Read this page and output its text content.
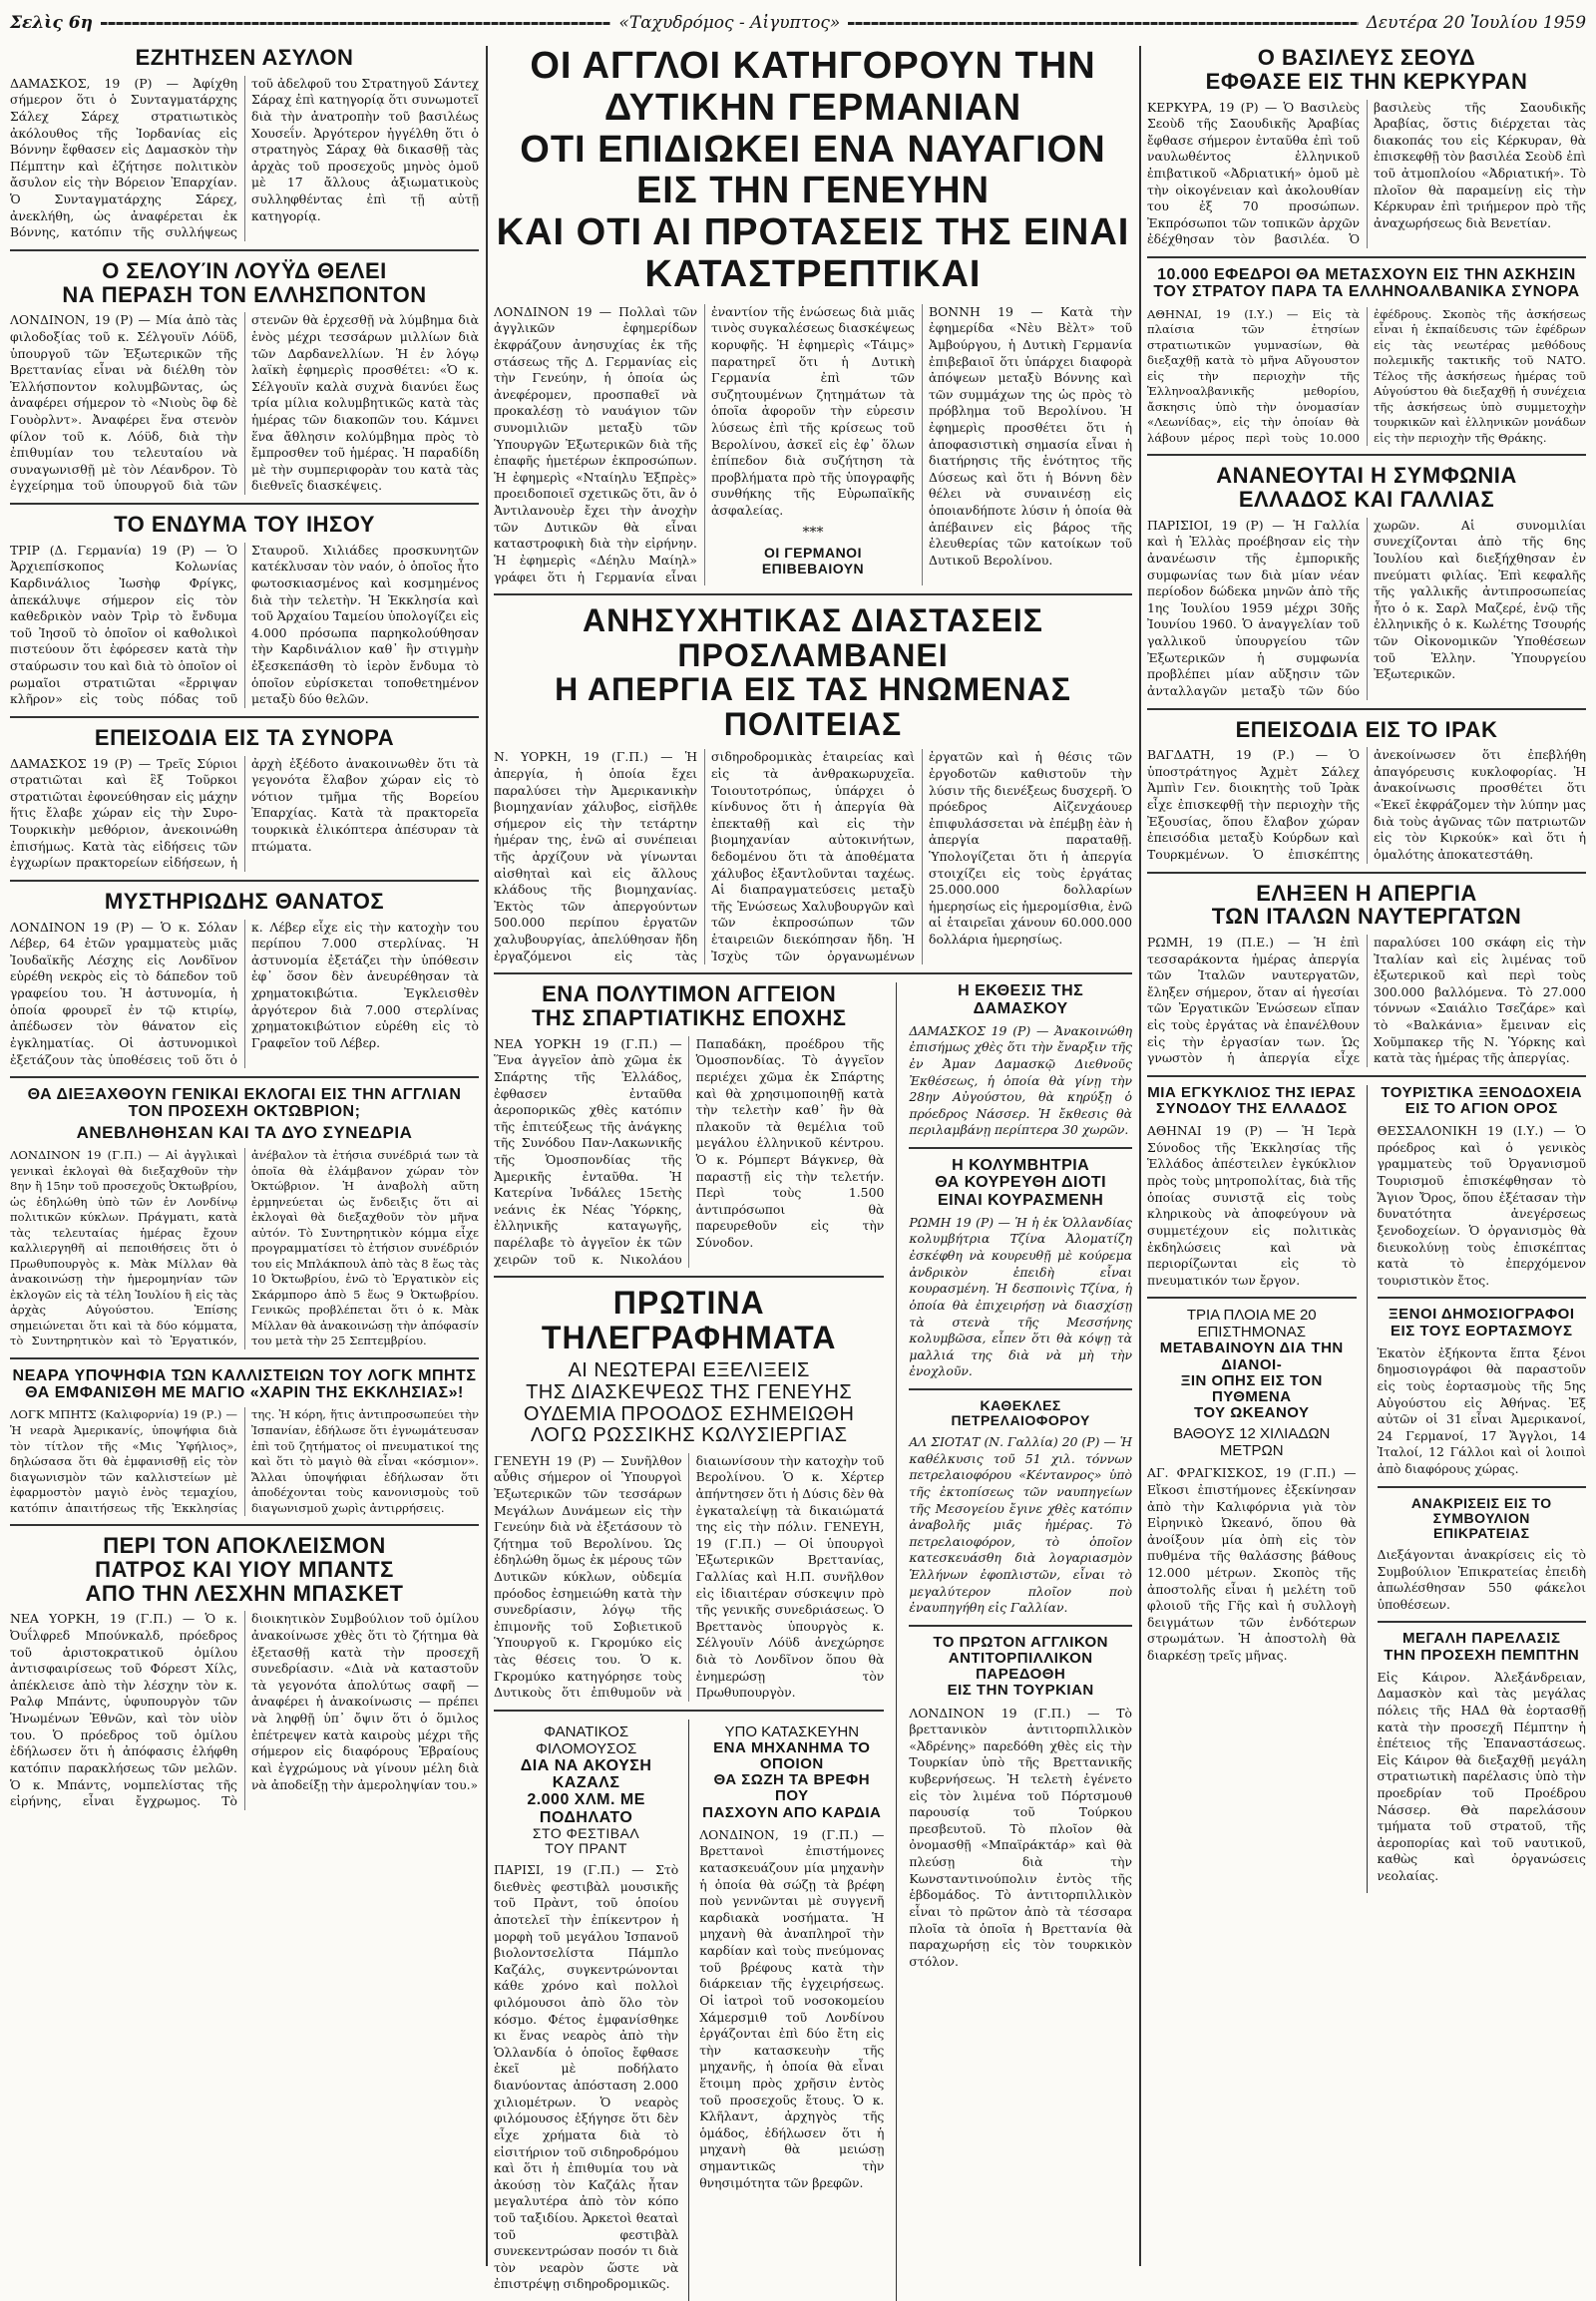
Σελὶς 6η	«Ταχυδρόμος - Αἰγυπτος»	Δευτέρα 20 Ἰουλίου 1959
ΕΖΗΤΗΣΕΝ ΑΣΥΛΟΝ
ΔΑΜΑΣΚΟΣ, 19 (Ρ) — Ἀφίχθη σήμερον ὅτι ὁ Συνταγματάρχης Σάλεχ Σάρεχ στρατιωτικὸς ἀκόλουθος τῆς Ἰορδανίας εἰς Βόννην ἔφθασεν εἰς Δαμασκὸν τὴν Πέμπτην καὶ ἐζήτησε πολιτικὸν ἄσυλον εἰς τὴν Βόρειον Ἐπαρχίαν. Ὁ Συνταγματάρχης Σάρεχ, ἀνεκλήθη, ὡς ἀναφέρεται ἐκ Βόννης, κατόπιν τῆς συλλήψεως τοῦ ἀδελφοῦ του Στρατηγοῦ Σάντεχ Σάραχ ἐπὶ κατηγορίᾳ ὅτι συνωμοτεῖ διὰ τὴν ἀνατροπὴν τοῦ βασιλέως Χουσεΐν. Ἀργότερον ἠγγέλθη ὅτι ὁ στρατηγὸς Σάραχ θὰ δικασθῇ τὰς ἀρχὰς τοῦ προσεχοῦς μηνὸς ὁμοῦ μὲ 17 ἄλλους ἀξιωματικοὺς συλληφθέντας ἐπὶ τῇ αὐτῇ κατηγορίᾳ.
Ο ΣΕΛΟΥΊΝ ΛΟΥΫΔ ΘΕΛΕΙ
ΝΑ ΠΕΡΑΣΗ ΤΟΝ ΕΛΛΗΣΠΟΝΤΟΝ
ΛΟΝΔΙΝΟΝ, 19 (Ρ) — Μία ἀπὸ τὰς φιλοδοξίας τοῦ κ. Σέλγουϊν Λόϋδ, ὑπουργοῦ τῶν Ἐξωτερικῶν τῆς Βρεττανίας εἶναι νὰ διέλθη τὸν Ἑλλήσποντον κολυμβῶντας, ὡς ἀναφέρει σήμερον τὸ «Νιοὺς ὂφ δὲ Γουὸρλντ». Ἀναφέρει ἕνα στενὸν φίλον τοῦ κ. Λόϋδ, διὰ τὴν ἐπιθυμίαν του τελευταίου νὰ συναγωνισθῇ μὲ τὸν Λέανδρον. Τὸ ἐγχείρημα τοῦ ὑπουργοῦ διὰ τῶν στενῶν θὰ ἐρχεσθῇ νὰ λύμβημα διὰ ἑνὸς μέχρι τεσσάρων μιλλίων διὰ τῶν Δαρδανελλίων. Ἡ ἐν λόγῳ λαϊκὴ ἐφημερὶς προσθέτει: «Ὁ κ. Σέλγουϊν καλὰ συχνὰ διανύει ἕως τρία μίλια κολυμβητικῶς κατὰ τὰς ἡμέρας τῶν διακοπῶν του. Κάμνει ἕνα ἄθλησιν κολύμβημα πρὸς τὸ ἔμπροσθεν τοῦ ἡμέρας. Ἡ παραδίδη μὲ τὴν συμπεριφορὰν του κατὰ τὰς διεθνεῖς διασκέψεις.
ΤΟ ΕΝΔΥΜΑ ΤΟΥ ΙΗΣΟΥ
ΤΡΙΡ (Δ. Γερμανία) 19 (Ρ) — Ὁ Ἀρχιεπίσκοπος Κολωνίας Καρδινάλιος Ἰωσὴφ Φρίγκς, ἀπεκάλυψε σήμερον εἰς τὸν καθεδρικὸν ναὸν Τρὶρ τὸ ἔνδυμα τοῦ Ἰησοῦ τὸ ὁποῖον οἱ καθολικοὶ πιστεύουν ὅτι ἐφόρεσεν κατὰ τὴν σταύρωσιν του καὶ διὰ τὸ ὁποῖον οἱ ρωμαῖοι στρατιῶται «ἔρριψαν κλῆρον» εἰς τοὺς πόδας τοῦ Σταυροῦ. Χιλιάδες προσκυνητῶν κατέκλυσαν τὸν ναόν, ὁ ὁποῖος ἦτο φωτοσκιασμένος καὶ κοσμημένος διὰ τὴν τελετὴν. Ἡ Ἐκκλησία καὶ τοῦ Ἀρχαίου Ταμείου ὑπολογίζει εἰς 4.000 πρόσωπα παρηκολούθησαν τὴν Καρδινάλιον καθ᾽ ἣν στιγμὴν ἐξεσκεπάσθη τὸ ἱερὸν ἔνδυμα τὸ ὁποῖον εὑρίσκεται τοποθετημένον μεταξὺ δύο θελῶν.
ΕΠΕΙΣΟΔΙΑ ΕΙΣ ΤΑ ΣΥΝΟΡΑ
ΔΑΜΑΣΚΟΣ 19 (Ρ) — Τρεῖς Σύριοι στρατιῶται καὶ ἓξ Τοῦρκοι στρατιῶται ἐφονεύθησαν εἰς μάχην ἥτις ἔλαβε χώραν εἰς τὴν Συρο-Τουρκικὴν μεθόριον, ἀνεκοινώθη ἐπισήμως. Κατὰ τὰς εἰδήσεις τῶν ἐγχωρίων πρακτορείων εἰδήσεων, ἡ ἀρχὴ ἐξέδοτο ἀνακοινωθὲν ὅτι τὰ γεγονότα ἔλαβον χώραν εἰς τὸ νότιον τμῆμα τῆς Βορείου Ἐπαρχίας. Κατὰ τὰ πρακτορεῖα τουρκικὰ ἐλικόπτερα ἀπέσυραν τὰ πτώματα.
ΜΥΣΤΗΡΙΩΔΗΣ ΘΑΝΑΤΟΣ
ΛΟΝΔΙΝΟΝ 19 (Ρ) — Ὁ κ. Σόλαν Λέβερ, 64 ἐτῶν γραμματεὺς μιᾶς Ἰουδαϊκῆς Λέσχης εἰς Λονδῖνον εὑρέθη νεκρὸς εἰς τὸ δάπεδον τοῦ γραφείου του. Ἡ ἀστυνομία, ἡ ὁποία φρουρεῖ ἐν τῷ κτιρίῳ, ἀπέδωσεν τὸν θάνατον εἰς ἐγκληματίας. Οἱ ἀστυνομικοὶ ἐξετάζουν τὰς ὑποθέσεις τοῦ ὅτι ὁ κ. Λέβερ εἶχε εἰς τὴν κατοχὴν του περίπου 7.000 στερλίνας. Ἡ ἀστυνομία ἐξετάζει τὴν ὑπόθεσιν ἐφ᾽ ὅσον δὲν ἀνευρέθησαν τὰ χρηματοκιβώτια. Ἐγκλεισθὲν ἀργότερον διὰ 7.000 στερλίνας χρηματοκιβώτιον εὑρέθη εἰς τὸ Γραφεῖον τοῦ Λέβερ.
ΘΑ ΔΙΕΞΑΧΘΟΥΝ ΓΕΝΙΚΑΙ ΕΚΛΟΓΑΙ ΕΙΣ ΤΗΝ ΑΓΓΛΙΑΝ
ΤΟΝ ΠΡΟΣΕΧΗ ΟΚΤΩΒΡΙΟΝ;
ΑΝΕΒΛΗΘΗΣΑΝ ΚΑΙ ΤΑ ΔΥΟ ΣΥΝΕΔΡΙΑ
ΛΟΝΔΙΝΟΝ 19 (Γ.Π.) — Αἱ ἀγγλικαὶ γενικαὶ ἐκλογαὶ θὰ διεξαχθοῦν τὴν 8ην ἢ 15ην τοῦ προσεχοῦς Ὀκτωβρίου, ὡς ἐδηλώθη ὑπὸ τῶν ἐν Λονδίνῳ πολιτικῶν κύκλων. Πράγματι, κατὰ τὰς τελευταίας ἡμέρας ἔχουν καλλιεργηθῆ αἱ πεποιθήσεις ὅτι ὁ Πρωθυπουργὸς κ. Μὰκ Μίλλαν θὰ ἀνακοινώσῃ τὴν ἡμερομηνίαν τῶν ἐκλογῶν εἰς τὰ τέλη Ἰουλίου ἢ εἰς τὰς ἀρχὰς Αὐγούστου. Ἐπίσης σημειώνεται ὅτι καὶ τὰ δύο κόμματα, τὸ Συντηρητικὸν καὶ τὸ Ἐργατικόν, ἀνέβαλον τὰ ἐτήσια συνέδριά των τὰ ὁποῖα θὰ ἐλάμβανον χώραν τὸν Ὀκτώβριον. Ἡ ἀναβολὴ αὕτη ἐρμηνεύεται ὡς ἔνδειξις ὅτι αἱ ἐκλογαὶ θὰ διεξαχθοῦν τὸν μῆνα αὐτόν. Τὸ Συντηρητικὸν κόμμα εἶχε προγραμματίσει τὸ ἐτήσιον συνέδριόν του εἰς Μπλάκπουλ ἀπὸ τὰς 8 ἕως τὰς 10 Ὀκτωβρίου, ἐνῶ τὸ Ἐργατικὸν εἰς Σκάρμπορο ἀπὸ 5 ἕως 9 Ὀκτωβρίου. Γενικῶς προβλέπεται ὅτι ὁ κ. Μὰκ Μίλλαν θὰ ἀνακοινώσῃ τὴν ἀπόφασίν του μετὰ τὴν 25 Σεπτεμβρίου.
ΝΕΑΡΑ ΥΠΟΨΗΦΙΑ ΤΩΝ ΚΑΛΛΙΣΤΕΙΩΝ ΤΟΥ ΛΟΓΚ ΜΠΗΤΣ
ΘΑ ΕΜΦΑΝΙΣΘΗ ΜΕ ΜΑΓΙΟ «ΧΑΡΙΝ ΤΗΣ ΕΚΚΛΗΣΙΑΣ»!
ΛΟΓΚ ΜΠΗΤΣ (Καλιφορνία) 19 (Ρ.) — Ἡ νεαρὰ Ἀμερικανίς, ὑποψήφια διὰ τὸν τίτλον τῆς «Μις Ὑφήλιος», δηλώσασα ὅτι θὰ ἐμφανισθῇ εἰς τὸν διαγωνισμὸν τῶν καλλιστείων μὲ ἐφαρμοστὸν μαγιὸ ἑνὸς τεμαχίου, κατόπιν ἀπαιτήσεως τῆς Ἐκκλησίας της. Ἡ κόρη, ἥτις ἀντιπροσωπεύει τὴν Ἰσπανίαν, ἐδήλωσε ὅτι ἐγνωμάτευσαν ἐπὶ τοῦ ζητήματος οἱ πνευματικοί της καὶ ὅτι τὸ μαγιὸ θὰ εἶναι «κόσμιον». Ἄλλαι ὑποψήφιαι ἐδήλωσαν ὅτι ἀποδέχονται τοὺς κανονισμοὺς τοῦ διαγωνισμοῦ χωρὶς ἀντιρρήσεις.
ΠΕΡΙ ΤΟΝ ΑΠΟΚΛΕΙΣΜΟΝ
ΠΑΤΡΟΣ ΚΑΙ ΥΙΟΥ ΜΠΑΝΤΣ
ΑΠΟ ΤΗΝ ΛΕΣΧΗΝ ΜΠΑΣΚΕΤ
ΝΕΑ ΥΟΡΚΗ, 19 (Γ.Π.) — Ὁ κ. Ὀυΐλφρεδ Μπούνκαλδ, πρόεδρος τοῦ ἀριστοκρατικοῦ ὁμίλου ἀντισφαιρίσεως τοῦ Φόρεστ Χίλς, ἀπέκλεισε ἀπὸ τὴν λέσχην τὸν κ. Ραλφ Μπάντς, ὑφυπουργὸν τῶν Ἡνωμένων Ἐθνῶν, καὶ τὸν υἱὸν του. Ὁ πρόεδρος τοῦ ὁμίλου ἐδήλωσεν ὅτι ἡ ἀπόφασις ἐλήφθη κατόπιν παρακλήσεως τῶν μελῶν. Ὁ κ. Μπάντς, νομπελίστας τῆς εἰρήνης, εἶναι ἔγχρωμος. Τὸ διοικητικὸν Συμβούλιον τοῦ ὁμίλου ἀνακοίνωσε χθὲς ὅτι τὸ ζήτημα θὰ ἐξετασθῇ κατὰ τὴν προσεχῆ συνεδρίασιν. «Διὰ νὰ καταστοῦν τὰ γεγονότα ἀπολύτως σαφῆ — ἀναφέρει ἡ ἀνακοίνωσις — πρέπει νὰ ληφθῇ ὑπ᾽ ὄψιν ὅτι ὁ ὅμιλος ἐπέτρεψεν κατὰ καιροὺς μέχρι τῆς σήμερον εἰς διαφόρους Ἑβραίους καὶ ἐγχρώμους νὰ γίνουν μέλη διὰ νὰ ἀποδείξῃ τὴν ἀμεροληψίαν του.»
ΟΙ ΑΓΓΛΟΙ ΚΑΤΗΓΟΡΟΥΝ ΤΗΝ ΔΥΤΙΚΗΝ ΓΕΡΜΑΝΙΑΝ
ΟΤΙ ΕΠΙΔΙΩΚΕΙ ΕΝΑ ΝΑΥΑΓΙΟΝ ΕΙΣ ΤΗΝ ΓΕΝΕΥΗΝ
ΚΑΙ ΟΤΙ ΑΙ ΠΡΟΤΑΣΕΙΣ ΤΗΣ ΕΙΝΑΙ ΚΑΤΑΣΤΡΕΠΤΙΚΑΙ
ΛΟΝΔΙΝΟΝ 19 — Πολλαὶ τῶν ἀγγλικῶν ἐφημερίδων ἐκφράζουν ἀνησυχίας ἐκ τῆς στάσεως τῆς Δ. Γερμανίας εἰς τὴν Γενεύην, ἡ ὁποία ὡς ἀνεφέρομεν, προσπαθεῖ νὰ προκαλέσῃ τὸ ναυάγιον τῶν συνομιλιῶν μεταξὺ τῶν Ὑπουργῶν Ἐξωτερικῶν διὰ τῆς ἐπαφῆς ἡμετέρων ἐκπροσώπων. Ἡ ἐφημερὶς «Νταίηλυ Ἐξπρὲς» προειδοποιεῖ σχετικῶς ὅτι, ἂν ὁ Ἀντιλανουὲρ ἔχει τὴν ἀνοχὴν τῶν Δυτικῶν θὰ εἶναι καταστροφικὴ διὰ τὴν εἰρήνην. Ἡ ἐφημερὶς «Δέηλυ Μαίηλ» γράφει ὅτι ἡ Γερμανία εἶναι ἐναντίον τῆς ἑνώσεως διὰ μιᾶς τινὸς συγκαλέσεως διασκέψεως κορυφῆς. Ἡ ἐφημερὶς «Τάιμς» παρατηρεῖ ὅτι ἡ Δυτικὴ Γερμανία ἐπὶ τῶν συζητουμένων ζητημάτων τὰ ὁποῖα ἀφοροῦν τὴν εὑρεσιν λύσεως ἐπὶ τῆς κρίσεως τοῦ Βερολίνου, ἀσκεῖ εἰς ἐφ᾽ ὅλων ἐπίπεδον διὰ συζήτηση τὰ προβλήματα πρὸ τῆς ὑπογραφῆς συνθήκης τῆς Εὐρωπαϊκῆς ἀσφαλείας.
***
ΟΙ ΓΕΡΜΑΝΟΙ ΕΠΙΒΕΒΑΙΟΥΝ
ΒΟΝΝΗ 19 — Κατὰ τὴν ἐφημερίδα «Νὲυ Βὲλτ» τοῦ Ἀμβούργου, ἡ Δυτικὴ Γερμανία ἐπιβεβαιοῖ ὅτι ὑπάρχει διαφορὰ ἀπόψεων μεταξὺ Βόννης καὶ τῶν συμμάχων της ὡς πρὸς τὸ πρόβλημα τοῦ Βερολίνου. Ἡ ἐφημερὶς προσθέτει ὅτι ἡ ἀποφασιστικὴ σημασία εἶναι ἡ διατήρησις τῆς ἑνότητος τῆς Δύσεως καὶ ὅτι ἡ Βόννη δὲν θέλει νὰ συναινέσῃ εἰς ὁποιανδήποτε λύσιν ἡ ὁποία θὰ ἀπέβαινεν εἰς βάρος τῆς ἐλευθερίας τῶν κατοίκων τοῦ Δυτικοῦ Βερολίνου.
ΑΝΗΣΥΧΗΤΙΚΑΣ ΔΙΑΣΤΑΣΕΙΣ ΠΡΟΣΛΑΜΒΑΝΕΙ
Η ΑΠΕΡΓΙΑ ΕΙΣ ΤΑΣ ΗΝΩΜΕΝΑΣ ΠΟΛΙΤΕΙΑΣ
Ν. ΥΟΡΚΗ, 19 (Γ.Π.) — Ἡ ἀπεργία, ἡ ὁποία ἔχει παραλύσει τὴν Ἀμερικανικὴν βιομηχανίαν χάλυβος, εἰσῆλθε σήμερον εἰς τὴν τετάρτην ἡμέραν της, ἐνῶ αἱ συνέπειαι τῆς ἀρχίζουν νὰ γίνωνται αἰσθηταὶ καὶ εἰς ἄλλους κλάδους τῆς βιομηχανίας. Ἐκτὸς τῶν ἀπεργούντων 500.000 περίπου ἐργατῶν χαλυβουργίας, ἀπελύθησαν ἤδη ἐργαζόμενοι εἰς τὰς σιδηροδρομικὰς ἑταιρείας καὶ εἰς τὰ ἀνθρακωρυχεῖα. Τοιουτοτρόπως, ὑπάρχει ὁ κίνδυνος ὅτι ἡ ἀπεργία θὰ ἐπεκταθῇ καὶ εἰς τὴν βιομηχανίαν αὐτοκινήτων, δεδομένου ὅτι τὰ ἀποθέματα χάλυβος ἐξαντλοῦνται ταχέως. Αἱ διαπραγματεύσεις μεταξὺ τῆς Ἑνώσεως Χαλυβουργῶν καὶ τῶν ἐκπροσώπων τῶν ἑταιρειῶν διεκόπησαν ἤδη. Ἡ Ἰσχὺς τῶν ὀργανωμένων ἐργατῶν καὶ ἡ θέσις τῶν ἐργοδοτῶν καθιστοῦν τὴν λύσιν τῆς διενέξεως δυσχερῆ. Ὁ πρόεδρος Αἰζενχάουερ ἐπιφυλάσσεται νὰ ἐπέμβῃ ἐὰν ἡ ἀπεργία παραταθῇ. Ὑπολογίζεται ὅτι ἡ ἀπεργία στοιχίζει εἰς τοὺς ἐργάτας 25.000.000 δολλαρίων ἡμερησίως εἰς ἡμερομίσθια, ἐνῶ αἱ ἑταιρεῖαι χάνουν 60.000.000 δολλάρια ἡμερησίως.
ΕΝΑ ΠΟΛΥΤΙΜΟΝ ΑΓΓΕΙΟΝ
ΤΗΣ ΣΠΑΡΤΙΑΤΙΚΗΣ ΕΠΟΧΗΣ
ΝΕΑ ΥΟΡΚΗ 19 (Γ.Π.) — Ἕνα ἀγγεῖον ἀπὸ χῶμα ἐκ Σπάρτης τῆς Ἑλλάδος, ἐφθασεν ἐνταῦθα ἀεροπορικῶς χθὲς κατόπιν τῆς ἐπιτεύξεως τῆς ἀνάγκης τῆς Συνόδου Παν-Λακωνικῆς τῆς Ὁμοσπονδίας τῆς Ἀμερικῆς ἐνταῦθα. Ἡ Κατερίνα Ἰνδάλες 15ετὴς νεάνις ἐκ Νέας Ὑόρκης, ἐλληνικῆς καταγωγῆς, παρέλαβε τὸ ἀγγεῖον ἐκ τῶν χειρῶν τοῦ κ. Νικολάου Παπαδάκη, προέδρου τῆς Ὁμοσπονδίας. Τὸ ἀγγεῖον περιέχει χῶμα ἐκ Σπάρτης καὶ θὰ χρησιμοποιηθῇ κατὰ τὴν τελετὴν καθ᾽ ἣν θὰ πλακοῦν τὰ θεμέλια τοῦ μεγάλου ἑλληνικοῦ κέντρου. Ὁ κ. Ρόμπερτ Βάγκνερ, θὰ παραστῇ εἰς τὴν τελετήν. Περὶ τοὺς 1.500 ἀντιπρόσωποι θὰ παρευρεθοῦν εἰς τὴν Σύνοδον.
ΠΡΩΤΙΝΑ ΤΗΛΕΓΡΑΦΗΜΑΤΑ
ΑΙ ΝΕΩΤΕΡΑΙ ΕΞΕΛΙΞΕΙΣ
ΤΗΣ ΔΙΑΣΚΕΨΕΩΣ ΤΗΣ ΓΕΝΕΥΗΣ
ΟΥΔΕΜΙΑ ΠΡΟΟΔΟΣ ΕΣΗΜΕΙΩΘΗ
ΛΟΓΩ ΡΩΣΣΙΚΗΣ ΚΩΛΥΣΙΕΡΓΙΑΣ
ΓΕΝΕΥΗ 19 (Ρ) — Συνῆλθον αὖθις σήμερον οἱ Ὑπουργοὶ Ἐξωτερικῶν τῶν τεσσάρων Μεγάλων Δυνάμεων εἰς τὴν Γενεύην διὰ νὰ ἐξετάσουν τὸ ζήτημα τοῦ Βερολίνου. Ὡς ἐδηλώθη ὅμως ἐκ μέρους τῶν Δυτικῶν κύκλων, οὐδεμία πρόοδος ἐσημειώθη κατὰ τὴν συνεδρίασιν, λόγῳ τῆς ἐπιμονῆς τοῦ Σοβιετικοῦ Ὑπουργοῦ κ. Γκρομύκο εἰς τὰς θέσεις του. Ὁ κ. Γκρομύκο κατηγόρησε τοὺς Δυτικοὺς ὅτι ἐπιθυμοῦν νὰ διαιωνίσουν τὴν κατοχὴν τοῦ Βερολίνου. Ὁ κ. Χέρτερ ἀπήντησεν ὅτι ἡ Δύσις δὲν θὰ ἐγκαταλείψῃ τὰ δικαιώματά της εἰς τὴν πόλιν. ΓΕΝΕΥΗ, 19 (Γ.Π.) — Οἱ ὑπουργοὶ Ἐξωτερικῶν Βρεττανίας, Γαλλίας καὶ Η.Π. συνῆλθον εἰς ἰδιαιτέραν σύσκεψιν πρὸ τῆς γενικῆς συνεδριάσεως. Ὁ Βρεττανὸς ὑπουργὸς κ. Σέλγουϊν Λόϋδ ἀνεχώρησε διὰ τὸ Λονδῖνον ὅπου θὰ ἐνημερώσῃ τὸν Πρωθυπουργὸν.
ΦΑΝΑΤΙΚΟΣ ΦΙΛΟΜΟΥΣΟΣ
ΔΙΑ ΝΑ ΑΚΟΥΣΗ ΚΑΖΑΛΣ
2.000 ΧΛΜ. ΜΕ ΠΟΔΗΛΑΤΟ
ΣΤΟ ΦΕΣΤΙΒΑΛ
ΤΟΥ ΠΡΑΝΤ
ΠΑΡΙΣΙ, 19 (Γ.Π.) — Στὸ διεθνὲς φεστιβὰλ μουσικῆς τοῦ Πρὰντ, τοῦ ὁποίου ἀποτελεῖ τὴν ἐπίκεντρον ἡ μορφὴ τοῦ μεγάλου Ἰσπανοῦ βιολοντσελίστα Πάμπλο Καζάλς, συγκεντρώνονται κάθε χρόνο καὶ πολλοὶ φιλόμουσοι ἀπὸ ὅλο τὸν κόσμο. Φέτος ἐμφανίσθηκε κι ἕνας νεαρὸς ἀπὸ τὴν Ὁλλανδία ὁ ὁποῖος ἔφθασε ἐκεῖ μὲ ποδήλατο διανύοντας ἀπόσταση 2.000 χιλιομέτρων. Ὁ νεαρὸς φιλόμουσος ἐξήγησε ὅτι δὲν εἶχε χρήματα διὰ τὸ εἰσιτήριον τοῦ σιδηροδρόμου καὶ ὅτι ἡ ἐπιθυμία του νὰ ἀκούσῃ τὸν Καζάλς ἦταν μεγαλυτέρα ἀπὸ τὸν κόπο τοῦ ταξιδίου. Ἀρκετοὶ θεαταὶ τοῦ φεστιβὰλ συνεκεντρώσαν ποσόν τι διὰ τὸν νεαρὸν ὥστε νὰ ἐπιστρέψῃ σιδηροδρομικῶς.
ΥΠΟ ΚΑΤΑΣΚΕΥΗΝ
ΕΝΑ ΜΗΧΑΝΗΜΑ ΤΟ ΟΠΟΙΟΝ
ΘΑ ΣΩΖΗ ΤΑ ΒΡΕΦΗ ΠΟΥ
ΠΑΣΧΟΥΝ ΑΠΟ ΚΑΡΔΙΑ
ΛΟΝΔΙΝΟΝ, 19 (Γ.Π.) — Βρεττανοὶ ἐπιστήμονες κατασκευάζουν μία μηχανὴν ἡ ὁποία θὰ σώζῃ τὰ βρέφη ποὺ γεννῶνται μὲ συγγενῆ καρδιακὰ νοσήματα. Ἡ μηχανὴ θὰ ἀναπληροῖ τὴν καρδίαν καὶ τοὺς πνεύμονας τοῦ βρέφους κατὰ τὴν διάρκειαν τῆς ἐγχειρήσεως. Οἱ ἰατροὶ τοῦ νοσοκομείου Χάμερσμιθ τοῦ Λονδίνου ἐργάζονται ἐπὶ δύο ἔτη εἰς τὴν κατασκευὴν τῆς μηχανῆς, ἡ ὁποία θὰ εἶναι ἕτοιμη πρὸς χρῆσιν ἐντὸς τοῦ προσεχοῦς ἔτους. Ὁ κ. Κλῆλαντ, ἀρχηγὸς τῆς ὁμάδος, ἐδήλωσεν ὅτι ἡ μηχανὴ θὰ μειώσῃ σημαντικῶς τὴν θνησιμότητα τῶν βρεφῶν.
Η ΕΚΘΕΣΙΣ ΤΗΣ ΔΑΜΑΣΚΟΥ
ΔΑΜΑΣΚΟΣ 19 (Ρ) — Ἀνακοινώθη ἐπισήμως χθὲς ὅτι τὴν ἔναρξιν τῆς ἐν Ἀμαν Δαμασκῷ Διεθνοῦς Ἐκθέσεως, ἡ ὁποία θὰ γίνῃ τὴν 28ην Αὐγούστου, θὰ κηρύξῃ ὁ πρόεδρος Νάσσερ. Ἡ ἔκθεσις θὰ περιλαμβάνῃ περίπτερα 30 χωρῶν.
Η ΚΟΛΥΜΒΗΤΡΙΑ
ΘΑ ΚΟΥΡΕΥΘΗ ΔΙΟΤΙ
ΕΙΝΑΙ ΚΟΥΡΑΣΜΕΝΗ
ΡΩΜΗ 19 (Ρ) — Ἡ ἡ ἐκ Ὁλλανδίας κολυμβήτρια Τζίνα Ἀλοματίζη ἐσκέφθη νὰ κουρευθῇ μὲ κούρεμα ἀνδρικὸν ἐπειδὴ εἶναι κουρασμένη. Ἡ δεσποινὶς Τζίνα, ἡ ὁποία θὰ ἐπιχειρήσῃ νὰ διασχίσῃ τὰ στενὰ τῆς Μεσσήνης κολυμβῶσα, εἶπεν ὅτι θὰ κόψῃ τὰ μαλλιά της διὰ νὰ μὴ τὴν ἐνοχλοῦν.
ΚΑΘΕΚΛΕΣ ΠΕΤΡΕΛΑΙΟΦΟΡΟΥ
ΑΛ ΣΙΟΤΑΤ (Ν. Γαλλία) 20 (Ρ) — Ἡ καθέλκυσις τοῦ 51 χιλ. τόννων πετρελαιοφόρου «Κέντανρος» ὑπὸ τῆς ἐκτοπίσεως τῶν ναυπηγείων τῆς Μεσογείου ἔγινε χθὲς κατόπιν ἀναβολῆς μιᾶς ἡμέρας. Τὸ πετρελαιοφόρον, τὸ ὁποῖον κατεσκευάσθη διὰ λογαριασμὸν Ἑλλήνων ἐφοπλιστῶν, εἶναι τὸ μεγαλύτερον πλοῖον ποὺ ἐναυπηγήθη εἰς Γαλλίαν.
ΤΟ ΠΡΩΤΟΝ ΑΓΓΛΙΚΟΝ
ΑΝΤΙΤΟΡΠΙΛΛΙΚΟΝ ΠΑΡΕΔΟΘΗ
ΕΙΣ ΤΗΝ ΤΟΥΡΚΙΑΝ
ΛΟΝΔΙΝΟΝ 19 (Γ.Π.) — Τὸ βρεττανικὸν ἀντιτορπιλλικὸν «Ἀδρένης» παρεδόθη χθὲς εἰς τὴν Τουρκίαν ὑπὸ τῆς Βρεττανικῆς κυβερνήσεως. Ἡ τελετὴ ἐγένετο εἰς τὸν λιμένα τοῦ Πόρτσμουθ παρουσίᾳ τοῦ Τούρκου πρεσβευτοῦ. Τὸ πλοῖον θὰ ὀνομασθῇ «Μπαϊράκτάρ» καὶ θὰ πλεύσῃ διὰ τὴν Κωνσταντινούπολιν ἐντὸς τῆς ἑβδομάδος. Τὸ ἀντιτορπιλλικὸν εἶναι τὸ πρῶτον ἀπὸ τὰ τέσσαρα πλοῖα τὰ ὁποῖα ἡ Βρεττανία θὰ παραχωρήσῃ εἰς τὸν τουρκικὸν στόλον.
Ο ΒΑΣΙΛΕΥΣ ΣΕΟΥΔ
ΕΦΘΑΣΕ ΕΙΣ ΤΗΝ ΚΕΡΚΥΡΑΝ
ΚΕΡΚΥΡΑ, 19 (Ρ) — Ὁ Βασιλεὺς Σεοὺδ τῆς Σαουδικῆς Ἀραβίας ἔφθασε σήμερον ἐνταῦθα ἐπὶ τοῦ ναυλωθέντος ἑλληνικοῦ ἐπιβατικοῦ «Ἀδριατική» ὁμοῦ μὲ τὴν οἰκογένειαν καὶ ἀκολουθίαν του ἐξ 70 προσώπων. Ἐκπρόσωποι τῶν τοπικῶν ἀρχῶν ἐδέχθησαν τὸν βασιλέα. Ὁ βασιλεὺς τῆς Σαουδικῆς Ἀραβίας, ὅστις διέρχεται τὰς διακοπάς του εἰς Κέρκυραν, θὰ ἐπισκεφθῇ τὸν βασιλέα Σεοὺδ ἐπὶ τοῦ ἀτμοπλοίου «Ἀδριατική». Τὸ πλοῖον θὰ παραμείνῃ εἰς τὴν Κέρκυραν ἐπὶ τριήμερον πρὸ τῆς ἀναχωρήσεως διὰ Βενετίαν.
10.000 ΕΦΕΔΡΟΙ ΘΑ ΜΕΤΑΣΧΟΥΝ ΕΙΣ ΤΗΝ ΑΣΚΗΣΙΝ
ΤΟΥ ΣΤΡΑΤΟΥ ΠΑΡΑ ΤΑ ΕΛΛΗΝΟΑΛΒΑΝΙΚΑ ΣΥΝΟΡΑ
ΑΘΗΝΑΙ, 19 (Ι.Υ.) — Εἰς τὰ πλαίσια τῶν ἐτησίων στρατιωτικῶν γυμνασίων, θὰ διεξαχθῇ κατὰ τὸ μῆνα Αὔγουστον εἰς τὴν περιοχὴν τῆς Ἑλληνοαλβανικῆς μεθορίου, ἄσκησις ὑπὸ τὴν ὀνομασίαν «Λεωνίδας», εἰς τὴν ὁποίαν θὰ λάβουν μέρος περὶ τοὺς 10.000 ἐφέδρους. Σκοπὸς τῆς ἀσκήσεως εἶναι ἡ ἐκπαίδευσις τῶν ἐφέδρων εἰς τὰς νεωτέρας μεθόδους πολεμικῆς τακτικῆς τοῦ ΝΑΤΟ. Τέλος τῆς ἀσκήσεως ἡμέρας τοῦ Αὐγούστου θὰ διεξαχθῇ ἡ συνέχεια τῆς ἀσκήσεως ὑπὸ συμμετοχὴν τουρκικῶν καὶ ἑλληνικῶν μονάδων εἰς τὴν περιοχὴν τῆς Θράκης.
ΑΝΑΝΕΟΥΤΑΙ Η ΣΥΜΦΩΝΙΑ
ΕΛΛΑΔΟΣ ΚΑΙ ΓΑΛΛΙΑΣ
ΠΑΡΙΣΙΟΙ, 19 (Ρ) — Ἡ Γαλλία καὶ ἡ Ἑλλὰς προέβησαν εἰς τὴν ἀνανέωσιν τῆς ἐμπορικῆς συμφωνίας των διὰ μίαν νέαν περίοδον δώδεκα μηνῶν ἀπὸ τῆς 1ης Ἰουλίου 1959 μέχρι 30ῆς Ἰουνίου 1960. Ὁ ἀναγγελίαν τοῦ γαλλικοῦ ὑπουργείου τῶν Ἐξωτερικῶν ἡ συμφωνία προβλέπει μίαν αὔξησιν τῶν ἀνταλλαγῶν μεταξὺ τῶν δύο χωρῶν. Αἱ συνομιλίαι συνεχίζονται ἀπὸ τῆς 6ης Ἰουλίου καὶ διεξήχθησαν ἐν πνεύματι φιλίας. Ἐπὶ κεφαλῆς τῆς γαλλικῆς ἀντιπροσωπείας ἦτο ὁ κ. Σαρλ Μαζερέ, ἐνῷ τῆς ἑλληνικῆς ὁ κ. Κωλέτης Τσουρής τῶν Οἰκονομικῶν Ὑποθέσεων τοῦ Ἑλλην. Ὑπουργείου Ἐξωτερικῶν.
ΕΠΕΙΣΟΔΙΑ ΕΙΣ ΤΟ ΙΡΑΚ
ΒΑΓΔΑΤΗ, 19 (Ρ.) — Ὁ ὑποστράτηγος Ἀχμὲτ Σάλεχ Ἀμπὶν Γεν. διοικητὴς τοῦ Ἰρὰκ εἶχε ἐπισκεφθῇ τὴν περιοχὴν τῆς Ἐξουσίας, ὅπου ἔλαβον χώραν ἐπεισόδια μεταξὺ Κούρδων καὶ Τουρκμένων. Ὁ ἐπισκέπτης ἀνεκοίνωσεν ὅτι ἐπεβλήθη ἀπαγόρευσις κυκλοφορίας. Ἡ ἀνακοίνωσις προσθέτει ὅτι «Ἐκεῖ ἐκφράζομεν τὴν λύπην μας διὰ τοὺς ἀγῶνας τῶν πατριωτῶν εἰς τὸν Κιρκούκ» καὶ ὅτι ἡ ὁμαλότης ἀποκατεστάθη.
ΕΛΗΞΕΝ Η ΑΠΕΡΓΙΑ
ΤΩΝ ΙΤΑΛΩΝ ΝΑΥΤΕΡΓΑΤΩΝ
ΡΩΜΗ, 19 (Π.Ε.) — Ἡ ἐπὶ τεσσαράκοντα ἡμέρας ἀπεργία τῶν Ἰταλῶν ναυτεργατῶν, ἔληξεν σήμερον, ὅταν αἱ ἡγεσίαι τῶν Ἐργατικῶν Ἑνώσεων εἴπαν εἰς τοὺς ἐργάτας νὰ ἐπανέλθουν εἰς τὴν ἐργασίαν των. Ὡς γνωστὸν ἡ ἀπεργία εἶχε παραλύσει 100 σκάφη εἰς τὴν Ἰταλίαν καὶ εἰς λιμένας τοῦ ἐξωτερικοῦ καὶ περὶ τοὺς 300.000 βαλλόμενα. Τὸ 27.000 τόννων «Σαιάλιο Τσεζάρε» καὶ τὸ «Βαλκάνια» ἔμειναν εἰς Χοῦμπακερ τῆς Ν. Ὑόρκης καὶ κατὰ τὰς ἡμέρας τῆς ἀπεργίας.
ΜΙΑ ΕΓΚΥΚΛΙΟΣ ΤΗΣ ΙΕΡΑΣ
ΣΥΝΟΔΟΥ ΤΗΣ ΕΛΛΑΔΟΣ
ΑΘΗΝΑΙ 19 (Ρ) — Ἡ Ἱερὰ Σύνοδος τῆς Ἐκκλησίας τῆς Ἑλλάδος ἀπέστειλεν ἐγκύκλιον πρὸς τοὺς μητροπολίτας, διὰ τῆς ὁποίας συνιστᾷ εἰς τοὺς κληρικοὺς νὰ ἀποφεύγουν νὰ συμμετέχουν εἰς πολιτικὰς ἐκδηλώσεις καὶ νὰ περιορίζωνται εἰς τὸ πνευματικόν των ἔργον.
ΤΡΙΑ ΠΛΟΙΑ ΜΕ 20 ΕΠΙΣΤΗΜΟΝΑΣ
ΜΕΤΑΒΑΙΝΟΥΝ ΔΙΑ ΤΗΝ ΔΙΑΝΟΙ-
ΞΙΝ ΟΠΗΣ ΕΙΣ ΤΟΝ ΠΥΘΜΕΝΑ
ΤΟΥ ΩΚΕΑΝΟΥ
ΒΑΘΟΥΣ 12 ΧΙΛΙΑΔΩΝ ΜΕΤΡΩΝ
ΑΓ. ΦΡΑΓΚΙΣΚΟΣ, 19 (Γ.Π.) — Εἴκοσι ἐπιστήμονες ἐξεκίνησαν ἀπὸ τὴν Καλιφόρνια γιὰ τὸν Εἰρηνικὸ Ὠκεανό, ὅπου θὰ ἀνοίξουν μία ὀπὴ εἰς τὸν πυθμένα τῆς θαλάσσης βάθους 12.000 μέτρων. Σκοπὸς τῆς ἀποστολῆς εἶναι ἡ μελέτη τοῦ φλοιοῦ τῆς Γῆς καὶ ἡ συλλογὴ δειγμάτων τῶν ἐνδότερων στρωμάτων. Ἡ ἀποστολὴ θὰ διαρκέσῃ τρεῖς μῆνας.
ΤΟΥΡΙΣΤΙΚΑ ΞΕΝΟΔΟΧΕΙΑ
ΕΙΣ ΤΟ ΑΓΙΟΝ ΟΡΟΣ
ΘΕΣΣΑΛΟΝΙΚΗ 19 (Ι.Υ.) — Ὁ πρόεδρος καὶ ὁ γενικὸς γραμματεὺς τοῦ Ὀργανισμοῦ Τουρισμοῦ ἐπισκέφθησαν τὸ Ἅγιον Ὄρος, ὅπου ἐξέτασαν τὴν δυνατότητα ἀνεγέρσεως ξενοδοχείων. Ὁ ὀργανισμὸς θὰ διευκολύνῃ τοὺς ἐπισκέπτας κατὰ τὸ ἐπερχόμενον τουριστικὸν ἔτος.
ΞΕΝΟΙ ΔΗΜΟΣΙΟΓΡΑΦΟΙ
ΕΙΣ ΤΟΥΣ ΕΟΡΤΑΣΜΟΥΣ
Ἑκατὸν ἐξήκοντα ἕπτα ξένοι δημοσιογράφοι θὰ παραστοῦν εἰς τοὺς ἑορτασμοὺς τῆς 5ης Αὐγούστου εἰς Ἀθήνας. Ἐξ αὐτῶν οἱ 31 εἶναι Ἀμερικανοί, 24 Γερμανοί, 17 Ἄγγλοι, 14 Ἰταλοί, 12 Γάλλοι καὶ οἱ λοιποὶ ἀπὸ διαφόρους χώρας.
ΑΝΑΚΡΙΣΕΙΣ ΕΙΣ ΤΟ ΣΥΜΒΟΥΛΙΟΝ
ΕΠΙΚΡΑΤΕΙΑΣ
Διεξάγονται ἀνακρίσεις εἰς τὸ Συμβούλιον Ἐπικρατείας ἐπειδὴ ἀπωλέσθησαν 550 φάκελοι ὑποθέσεων.
ΜΕΓΑΛΗ ΠΑΡΕΛΑΣΙΣ
ΤΗΝ ΠΡΟΣΕΧΗ ΠΕΜΠΤΗΝ
Εἰς Κάιρον. Ἀλεξάνδρειαν, Δαμασκὸν καὶ τὰς μεγάλας πόλεις τῆς ΗΑΔ θὰ ἑορτασθῇ κατὰ τὴν προσεχῆ Πέμπτην ἡ ἐπέτειος τῆς Ἐπαναστάσεως. Εἰς Κάιρον θὰ διεξαχθῇ μεγάλη στρατιωτικὴ παρέλασις ὑπὸ τὴν προεδρίαν τοῦ Προέδρου Νάσσερ. Θὰ παρελάσουν τμήματα τοῦ στρατοῦ, τῆς ἀεροπορίας καὶ τοῦ ναυτικοῦ, καθὼς καὶ ὀργανώσεις νεολαίας.
